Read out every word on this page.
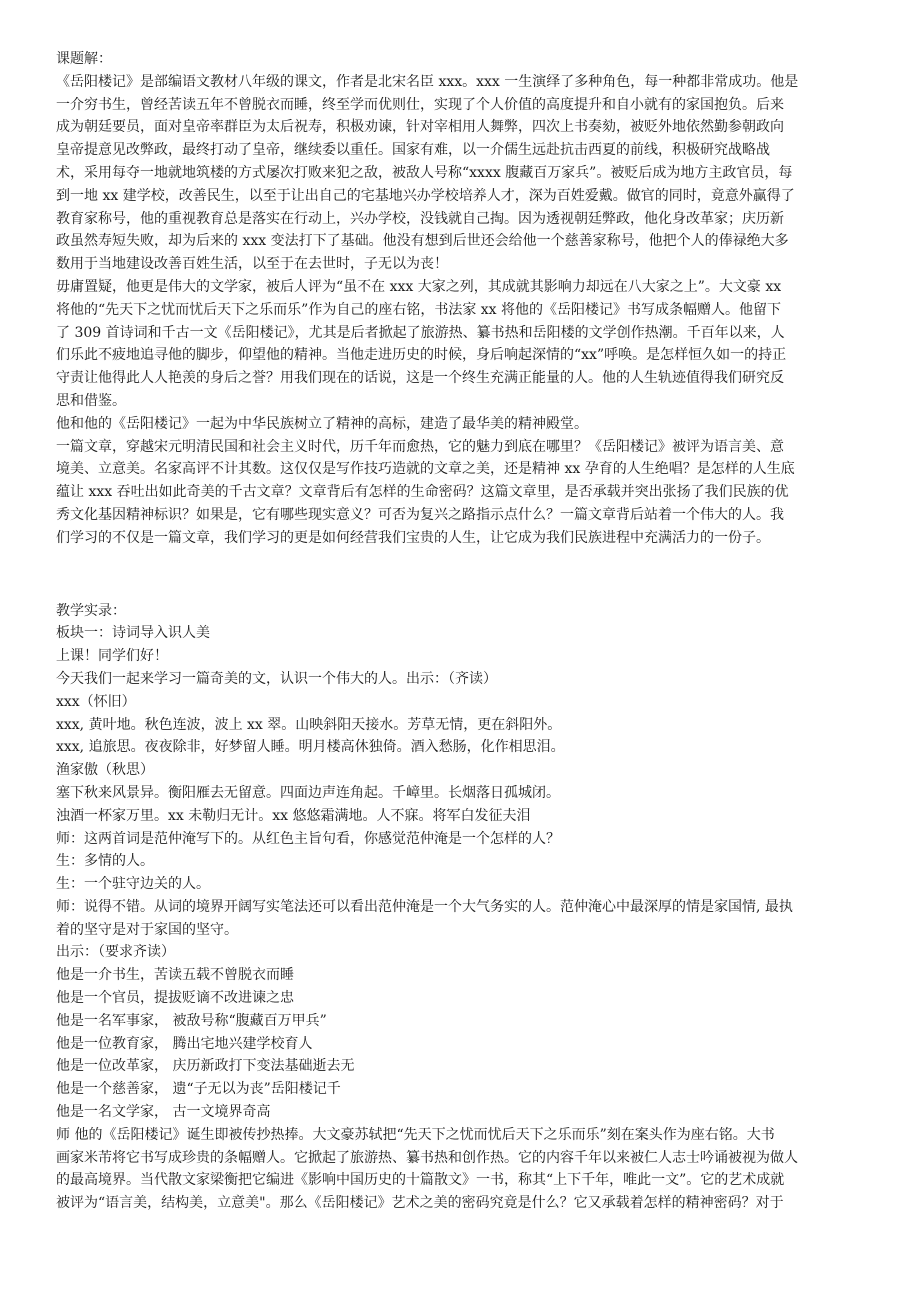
课题解：

《岳阳楼记》是部编语文教材八年级的课文，作者是北宋名臣 xxx。xxx 一生演绎了多种角色，每一种都非常成功。他是

一介穷书生，曾经苦读五年不曾脱衣而睡，终至学而优则仕，实现了个人价值的高度提升和自小就有的家国抱负。后来

成为朝廷要员，面对皇帝率群臣为太后祝寿，积极劝谏，针对宰相用人舞弊，四次上书奏劾，被贬外地依然勤参朝政向

皇帝提意见改弊政，最终打动了皇帝，继续委以重任。国家有难，以一介儒生远赴抗击西夏的前线，积极研究战略战

术，采用每夺一地就地筑楼的方式屡次打败来犯之敌，被敌人号称“xxxx 腹藏百万家兵”。被贬后成为地方主政官员，每

到一地 xx 建学校，改善民生，以至于让出自己的宅基地兴办学校培养人才，深为百姓爱戴。做官的同时，竟意外赢得了

教育家称号，他的重视教育总是落实在行动上，兴办学校，没钱就自己掏。因为透视朝廷弊政，他化身改革家；庆历新

政虽然寿短失败，却为后来的 xxx 变法打下了基础。他没有想到后世还会给他一个慈善家称号，他把个人的俸禄绝大多

数用于当地建设改善百姓生活，以至于在去世时，子无以为丧！

毋庸置疑，他更是伟大的文学家，被后人评为“虽不在 xxx 大家之列，其成就其影响力却远在八大家之上”。大文豪 xx

将他的“先天下之忧而忧后天下之乐而乐”作为自己的座右铭，书法家 xx 将他的《岳阳楼记》书写成条幅赠人。他留下

了 309 首诗词和千古一文《岳阳楼记》，尤其是后者掀起了旅游热、纂书热和岳阳楼的文学创作热潮。千百年以来，人

们乐此不疲地追寻他的脚步，仰望他的精神。当他走进历史的时候，身后响起深情的“xx”呼唤。是怎样恒久如一的持正

守责让他得此人人艳羡的身后之誉？用我们现在的话说，这是一个终生充满正能量的人。他的人生轨迹值得我们研究反

思和借鉴。

他和他的《岳阳楼记》一起为中华民族树立了精神的高标，建造了最华美的精神殿堂。

一篇文章，穿越宋元明清民国和社会主义时代，历千年而愈热，它的魅力到底在哪里？《岳阳楼记》被评为语言美、意

境美、立意美。名家高评不计其数。这仅仅是写作技巧造就的文章之美，还是精神 xx 孕育的人生绝唱？是怎样的人生底

蕴让 xxx 吞吐出如此奇美的千古文章？文章背后有怎样的生命密码？这篇文章里，是否承载并突出张扬了我们民族的优

秀文化基因精神标识？如果是，它有哪些现实意义？可否为复兴之路指示点什么？一篇文章背后站着一个伟大的人。我

们学习的不仅是一篇文章，我们学习的更是如何经营我们宝贵的人生，让它成为我们民族进程中充满活力的一份子。

教学实录：

板块一：诗词导入识人美

上课！同学们好！

今天我们一起来学习一篇奇美的文，认识一个伟大的人。出示：（齐读）

xxx（怀旧）

xxx, 黄叶地。秋色连波，波上 xx 翠。山映斜阳天接水。芳草无情，更在斜阳外。

xxx, 追旅思。夜夜除非，好梦留人睡。明月楼高休独倚。酒入愁肠，化作相思泪。

渔家傲（秋思）

塞下秋来风景异。衡阳雁去无留意。四面边声连角起。千嶂里。长烟落日孤城闭。

浊酒一杯家万里。xx 未勒归无计。xx 悠悠霜满地。人不寐。将军白发征夫泪

师：这两首词是范仲淹写下的。从红色主旨句看，你感觉范仲淹是一个怎样的人？

生：多情的人。

生：一个驻守边关的人。

师：说得不错。从词的境界开阔写实笔法还可以看出范仲淹是一个大气务实的人。范仲淹心中最深厚的情是家国情, 最执

着的坚守是对于家国的坚守。

出示：（要求齐读）

他是一介书生，苦读五载不曾脱衣而睡

他是一个官员，提拔贬谪不改进谏之忠

他是一名军事家， 被敌号称“腹藏百万甲兵”

他是一位教育家， 腾出宅地兴建学校育人

他是一位改革家， 庆历新政打下变法基础逝去无

他是一个慈善家， 遗“子无以为丧”岳阳楼记千

他是一名文学家， 古一文境界奇高

师 他的《岳阳楼记》诞生即被传抄热捧。大文豪苏轼把“先天下之忧而忧后天下之乐而乐”刻在案头作为座右铭。大书

画家米芾将它书写成珍贵的条幅赠人。它掀起了旅游热、纂书热和创作热。它的内容千年以来被仁人志士吟诵被视为做人

的最高境界。当代散文家梁衡把它编进《影响中国历史的十篇散文》一书，称其“上下千年，唯此一文”。它的艺术成就

被评为“语言美，结构美，立意美"。那么《岳阳楼记》艺术之美的密码究竟是什么？它又承载着怎样的精神密码？对于
